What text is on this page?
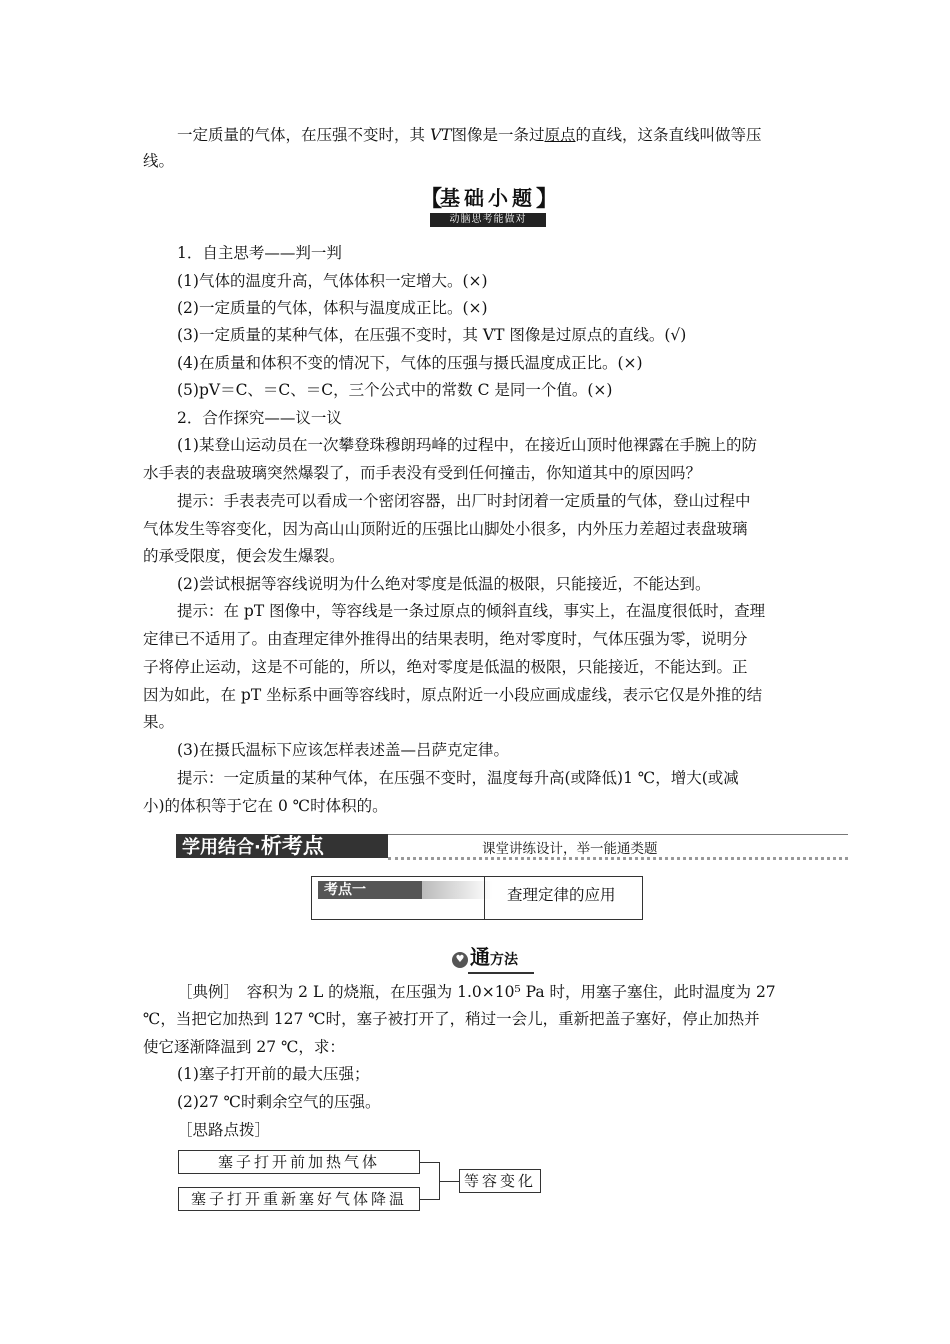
一定质量的气体，在压强不变时，其 VT图像是一条过原点的直线，这条直线叫做等压
线。
【
基础小题 】
动脑思考能做对
1．自主思考——判一判
(1)气体的温度升高，气体体积一定增大。(×)
(2)一定质量的气体，体积与温度成正比。(×)
(3)一定质量的某种气体，在压强不变时，其 VT 图像是过原点的直线。(√)
(4)在质量和体积不变的情况下，气体的压强与摄氏温度成正比。(×)
(5)pV＝C、＝C、＝C，三个公式中的常数 C 是同一个值。(×)
2．合作探究——议一议
(1)某登山运动员在一次攀登珠穆朗玛峰的过程中，在接近山顶时他裸露在手腕上的防
水手表的表盘玻璃突然爆裂了，而手表没有受到任何撞击，你知道其中的原因吗？
提示：手表表壳可以看成一个密闭容器，出厂时封闭着一定质量的气体，登山过程中
气体发生等容变化，因为高山山顶附近的压强比山脚处小很多，内外压力差超过表盘玻璃
的承受限度，便会发生爆裂。
(2)尝试根据等容线说明为什么绝对零度是低温的极限，只能接近，不能达到。
提示：在 pT 图像中，等容线是一条过原点的倾斜直线，事实上，在温度很低时，查理
定律已不适用了。由查理定律外推得出的结果表明，绝对零度时，气体压强为零，说明分
子将停止运动，这是不可能的，所以，绝对零度是低温的极限，只能接近，不能达到。正
因为如此，在 pT 坐标系中画等容线时，原点附近一小段应画成虚线，表示它仅是外推的结
果。
(3)在摄氏温标下应该怎样表述盖—吕萨克定律。
提示：一定质量的某种气体，在压强不变时，温度每升高(或降低)1 ℃，增大(或减
小)的体积等于它在 0 ℃时体积的。
学用结合·析考点	课堂讲练设计，举一能通类题
考点一	查理定律的应用
♥ 通方法
［典例］　容积为 2 L 的烧瓶，在压强为 1.0×10⁵ Pa 时，用塞子塞住，此时温度为 27
℃，当把它加热到 127 ℃时，塞子被打开了，稍过一会儿，重新把盖子塞好，停止加热并
使它逐渐降温到 27 ℃，求：
(1)塞子打开前的最大压强；
(2)27 ℃时剩余空气的压强。
［思路点拨］
塞子打开前加热气体
塞子打开重新塞好气体降温
等容变化
